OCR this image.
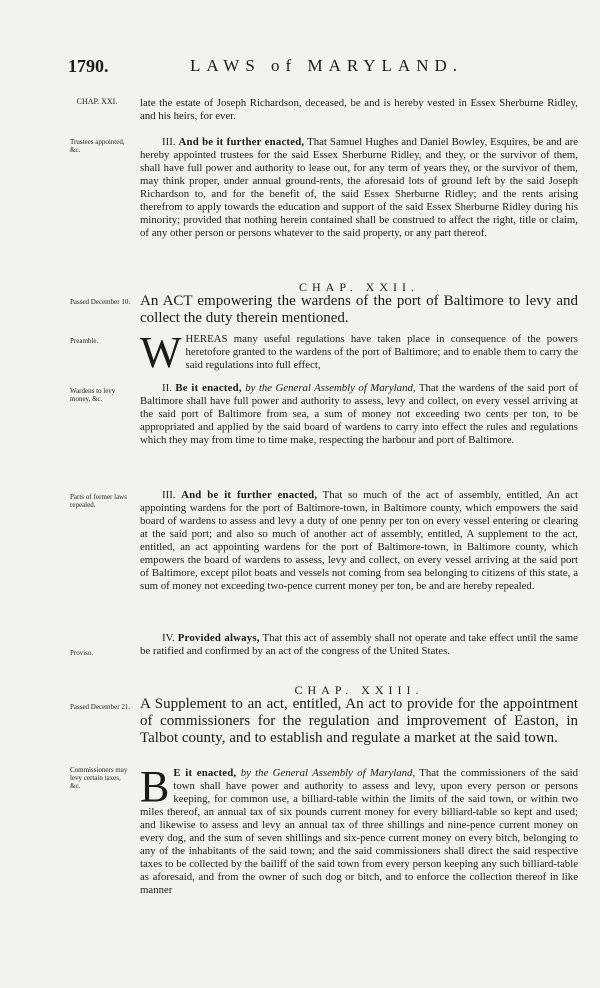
1790.	LAWS of MARYLAND.
CHAP. XXI.	late the estate of Joseph Richardson, deceased, be and is hereby vested in Essex Sherburne Ridley, and his heirs, for ever.

Trustees appointed, &c.

III. And be it further enacted, That Samuel Hughes and Daniel Bowley, Esquires, be and are hereby appointed trustees for the said Essex Sherburne Ridley, and they, or the survivor of them, shall have full power and authority to lease out, for any term of years they, or the survivor of them, may think proper, under annual ground-rents, the aforesaid lots of ground left by the said Joseph Richardson to, and for the benefit of, the said Essex Sherburne Ridley; and the rents arising therefrom to apply towards the education and support of the said Essex Sherburne Ridley during his minority; provided that nothing herein contained shall be construed to affect the right, title or claim, of any other person or persons whatever to the said property, or any part thereof.

CHAP. XXII.
Passed December 10. An ACT empowering the wardens of the port of Baltimore to levy and collect the duty therein mentioned.
Preamble. W HEREAS many useful regulations have taken place in consequence of the powers heretofore granted to the wardens of the port of Baltimore; and to enable them to carry the said regulations into full effect,

Wardens to levy money, &c.

II. Be it enacted, by the General Assembly of Maryland, That the wardens of the said port of Baltimore shall have full power and authority to assess, levy and collect, on every vessel arriving at the said port of Baltimore from sea, a sum of money not exceeding two cents per ton, to be appropriated and applied by the said board of wardens to carry into effect the rules and regulations which they may from time to time make, respecting the harbour and port of Baltimore.

Parts of former laws repealed.

III. And be it further enacted, That so much of the act of assembly, entitled, An act appointing wardens for the port of Baltimore-town, in Baltimore county, which empowers the said board of wardens to assess and levy a duty of one penny per ton on every vessel entering or clearing at the said port; and also so much of another act of assembly, entitled, A supplement to the act, entitled, an act appointing wardens for the port of Baltimore-town, in Baltimore county, which empowers the board of wardens to assess, levy and collect, on every vessel arriving at the said port of Baltimore, except pilot boats and vessels not coming from sea belonging to citizens of this state, a sum of money not exceeding two-pence current money per ton, be and are hereby repealed.

Proviso.

IV. Provided always, That this act of assembly shall not operate and take effect until the same be ratified and confirmed by an act of the congress of the United States.

CHAP. XXIII.
Passed December 21. A Supplement to an act, entitled, An act to provide for the appointment of commissioners for the regulation and improvement of Easton, in Talbot county, and to establish and regulate a market at the said town.
Commissioners may levy certain taxes, &c.	B E it enacted, by the General Assembly of Maryland, That the commissioners of the said town shall have power and authority to assess and levy, upon every person or persons keeping, for common use, a billiard-table within the limits of the said town, or within two miles thereof, an annual tax of six pounds current money for every billiard-table so kept and used; and likewise to assess and levy an annual tax of three shillings and nine-pence current money on every dog, and the sum of seven shillings and six-pence current money on every bitch, belonging to any of the inhabitants of the said town; and the said commissioners shall direct the said respective taxes to be collected by the bailiff of the said town from every person keeping any such billiard-table as aforesaid, and from the owner of such dog or bitch, and to enforce the collection thereof in like manner
